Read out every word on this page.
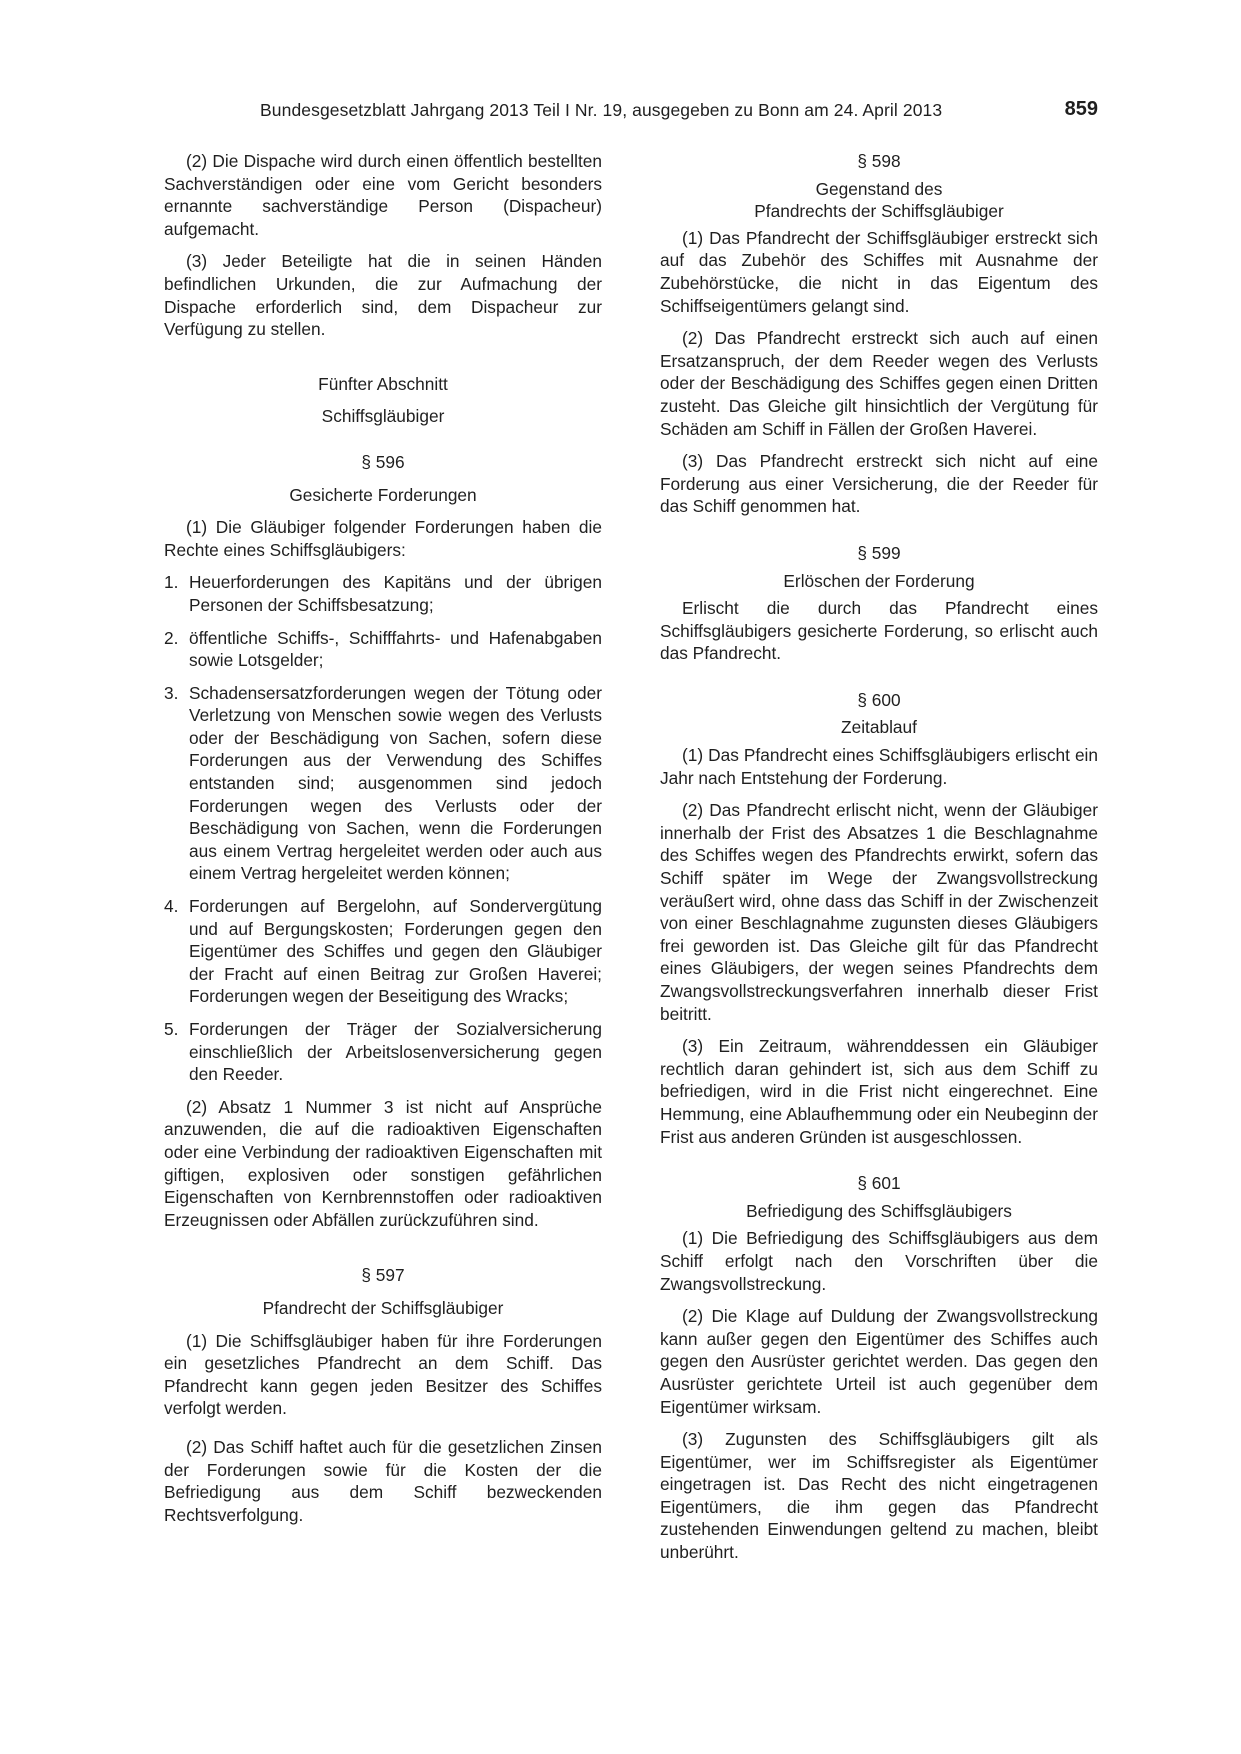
Bundesgesetzblatt Jahrgang 2013 Teil I Nr. 19, ausgegeben zu Bonn am 24. April 2013	859

(2) Die Dispache wird durch einen öffentlich bestellten Sachverständigen oder eine vom Gericht besonders ernannte sachverständige Person (Dispacheur) aufgemacht.

(3) Jeder Beteiligte hat die in seinen Händen befindlichen Urkunden, die zur Aufmachung der Dispache erforderlich sind, dem Dispacheur zur Verfügung zu stellen.

Fünfter Abschnitt

Schiffsgläubiger

§ 596

Gesicherte Forderungen

(1) Die Gläubiger folgender Forderungen haben die Rechte eines Schiffsgläubigers:

1. Heuerforderungen des Kapitäns und der übrigen Personen der Schiffsbesatzung;
2. öffentliche Schiffs-, Schifffahrts- und Hafenabgaben sowie Lotsgelder;
3. Schadensersatzforderungen wegen der Tötung oder Verletzung von Menschen sowie wegen des Verlusts oder der Beschädigung von Sachen, sofern diese Forderungen aus der Verwendung des Schiffes entstanden sind; ausgenommen sind jedoch Forderungen wegen des Verlusts oder der Beschädigung von Sachen, wenn die Forderungen aus einem Vertrag hergeleitet werden oder auch aus einem Vertrag hergeleitet werden können;
4. Forderungen auf Bergelohn, auf Sondervergütung und auf Bergungskosten; Forderungen gegen den Eigentümer des Schiffes und gegen den Gläubiger der Fracht auf einen Beitrag zur Großen Haverei; Forderungen wegen der Beseitigung des Wracks;
5. Forderungen der Träger der Sozialversicherung einschließlich der Arbeitslosenversicherung gegen den Reeder.

(2) Absatz 1 Nummer 3 ist nicht auf Ansprüche anzuwenden, die auf die radioaktiven Eigenschaften oder eine Verbindung der radioaktiven Eigenschaften mit giftigen, explosiven oder sonstigen gefährlichen Eigenschaften von Kernbrennstoffen oder radioaktiven Erzeugnissen oder Abfällen zurückzuführen sind.

§ 597

Pfandrecht der Schiffsgläubiger

(1) Die Schiffsgläubiger haben für ihre Forderungen ein gesetzliches Pfandrecht an dem Schiff. Das Pfandrecht kann gegen jeden Besitzer des Schiffes verfolgt werden.

(2) Das Schiff haftet auch für die gesetzlichen Zinsen der Forderungen sowie für die Kosten der die Befriedigung aus dem Schiff bezweckenden Rechtsverfolgung.

§ 598

Gegenstand des

Pfandrechts der Schiffsgläubiger

(1) Das Pfandrecht der Schiffsgläubiger erstreckt sich auf das Zubehör des Schiffes mit Ausnahme der Zubehörstücke, die nicht in das Eigentum des Schiffseigentümers gelangt sind.

(2) Das Pfandrecht erstreckt sich auch auf einen Ersatzanspruch, der dem Reeder wegen des Verlusts oder der Beschädigung des Schiffes gegen einen Dritten zusteht. Das Gleiche gilt hinsichtlich der Vergütung für Schäden am Schiff in Fällen der Großen Haverei.

(3) Das Pfandrecht erstreckt sich nicht auf eine Forderung aus einer Versicherung, die der Reeder für das Schiff genommen hat.

§ 599

Erlöschen der Forderung

Erlischt die durch das Pfandrecht eines Schiffsgläubigers gesicherte Forderung, so erlischt auch das Pfandrecht.

§ 600

Zeitablauf

(1) Das Pfandrecht eines Schiffsgläubigers erlischt ein Jahr nach Entstehung der Forderung.

(2) Das Pfandrecht erlischt nicht, wenn der Gläubiger innerhalb der Frist des Absatzes 1 die Beschlagnahme des Schiffes wegen des Pfandrechts erwirkt, sofern das Schiff später im Wege der Zwangsvollstreckung veräußert wird, ohne dass das Schiff in der Zwischenzeit von einer Beschlagnahme zugunsten dieses Gläubigers frei geworden ist. Das Gleiche gilt für das Pfandrecht eines Gläubigers, der wegen seines Pfandrechts dem Zwangsvollstreckungsverfahren innerhalb dieser Frist beitritt.

(3) Ein Zeitraum, währenddessen ein Gläubiger rechtlich daran gehindert ist, sich aus dem Schiff zu befriedigen, wird in die Frist nicht eingerechnet. Eine Hemmung, eine Ablaufhemmung oder ein Neubeginn der Frist aus anderen Gründen ist ausgeschlossen.

§ 601

Befriedigung des Schiffsgläubigers

(1) Die Befriedigung des Schiffsgläubigers aus dem Schiff erfolgt nach den Vorschriften über die Zwangsvollstreckung.

(2) Die Klage auf Duldung der Zwangsvollstreckung kann außer gegen den Eigentümer des Schiffes auch gegen den Ausrüster gerichtet werden. Das gegen den Ausrüster gerichtete Urteil ist auch gegenüber dem Eigentümer wirksam.

(3) Zugunsten des Schiffsgläubigers gilt als Eigentümer, wer im Schiffsregister als Eigentümer eingetragen ist. Das Recht des nicht eingetragenen Eigentümers, die ihm gegen das Pfandrecht zustehenden Einwendungen geltend zu machen, bleibt unberührt.
